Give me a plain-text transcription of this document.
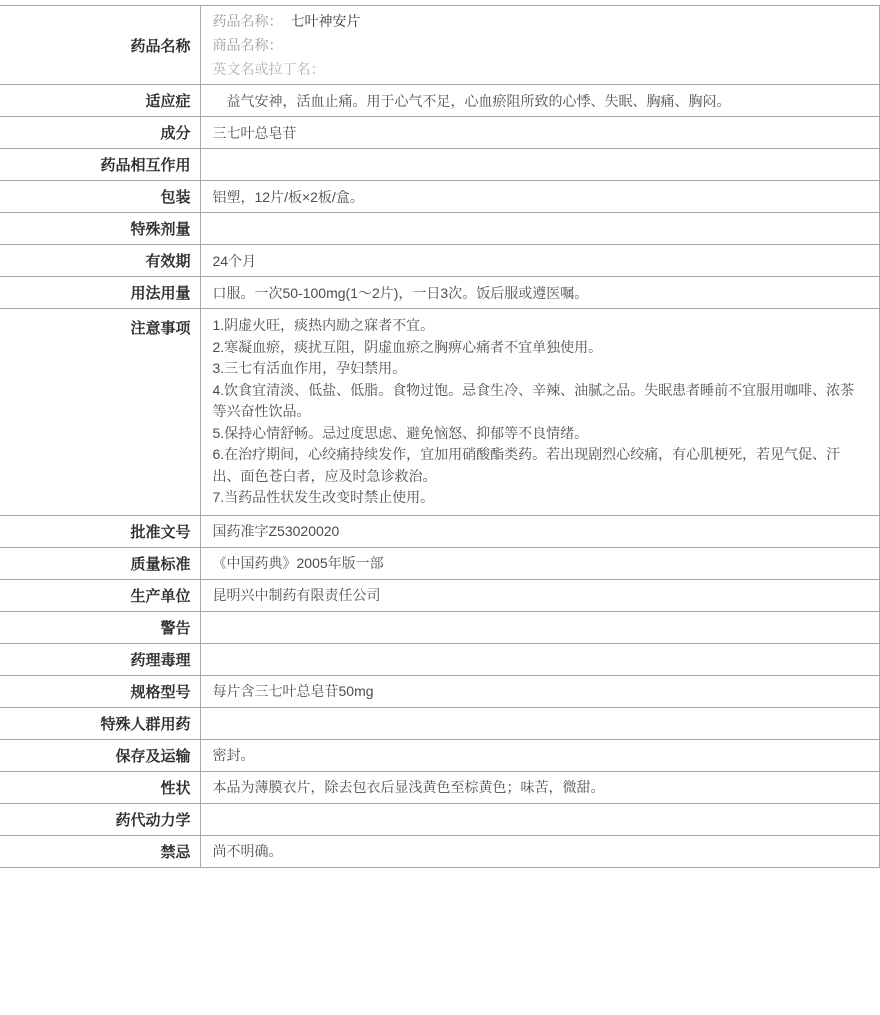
药品名称	药品名称： 七叶神安片
商品名称：
英文名或拉丁名：

适应症	　益气安神，活血止痛。用于心气不足，心血瘀阻所致的心悸、失眠、胸痛、胸闷。
成分	三七叶总皂苷
药品相互作用	
包装	铝塑，12片/板×2板/盒。
特殊剂量	
有效期	24个月
用法用量	口服。一次50-100mg(1～2片)，一日3次。饭后服或遵医嘱。
注意事项	1.阴虚火旺，痰热内励之寐者不宜。
2.寒凝血瘀，痰扰互阻，阴虚血瘀之胸痹心痛者不宜单独使用。
3.三七有活血作用，孕妇禁用。
4.饮食宜清淡、低盐、低脂。食物过饱。忌食生冷、辛辣、油腻之品。失眠患者睡前不宜服用咖啡、浓茶等兴奋性饮品。
5.保持心情舒畅。忌过度思虑、避免恼怒、抑郁等不良情绪。
6.在治疗期间，心绞痛持续发作，宜加用硝酸酯类药。若出现剧烈心绞痛，有心肌梗死，若见气促、汗出、面色苍白者，应及时急诊救治。
7.当药品性状发生改变时禁止使用。

批准文号	国药准字Z53020020
质量标准	《中国药典》2005年版一部
生产单位	昆明兴中制药有限责任公司
警告	
药理毒理	
规格型号	每片含三七叶总皂苷50mg
特殊人群用药	
保存及运输	密封。
性状	本品为薄膜衣片，除去包衣后显浅黄色至棕黄色；味苦，微甜。
药代动力学	
禁忌	尚不明确。
